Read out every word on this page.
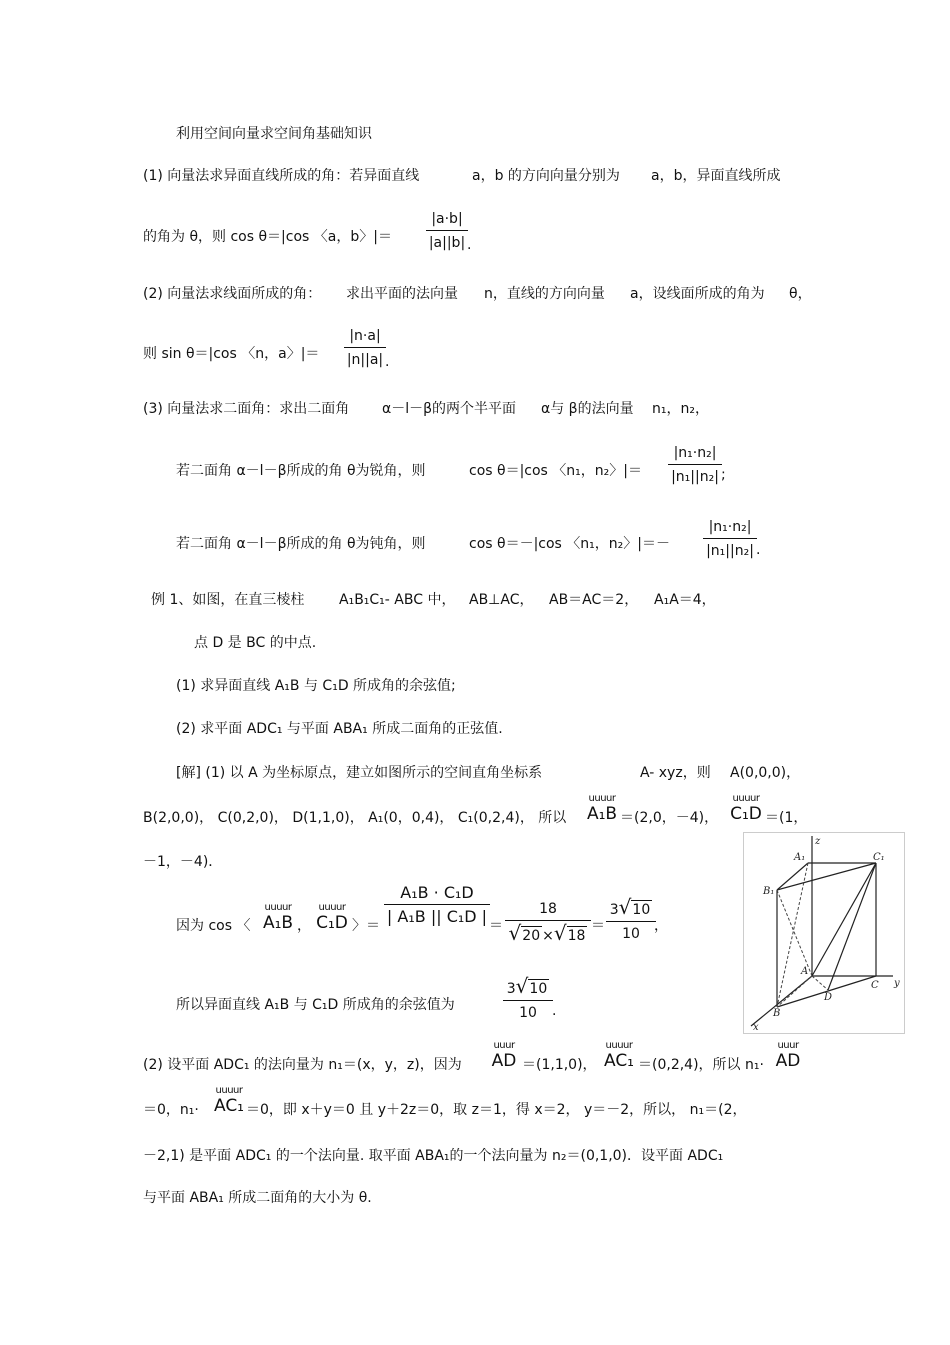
利用空间向量求空间角基础知识
(1) 向量法求异面直线所成的角：若异面直线	a，b 的方向向量分别为 a，b，异面直线所成
的角为 θ，则 cos θ＝|cos 〈a，b〉|＝
|a·b|
|a||b| .
(2) 向量法求线面所成的角： 求出平面的法向量 n，直线的方向向量 a，设线面所成的角为 θ，
则 sin θ＝|cos 〈n，a〉|＝
|n·a|
|n||a| .
(3) 向量法求二面角：求出二面角 α－l－β的两个半平面 α与 β的法向量 n₁，n₂，
若二面角 α－l－β所成的角 θ为锐角，则	cos θ＝|cos 〈n₁，n₂〉|＝
|n₁·n₂|
|n₁||n₂| ;
若二面角 α－l－β所成的角 θ为钝角，则	cos θ＝－|cos 〈n₁，n₂〉|＝－
|n₁·n₂|
|n₁||n₂| .
例 1、如图，在直三棱柱 A₁B₁C₁- ABC 中， AB⊥AC， AB＝AC＝2， A₁A＝4，
点 D 是 BC 的中点.
(1) 求异面直线 A₁B 与 C₁D 所成角的余弦值;
(2) 求平面 ADC₁ 与平面 ABA₁ 所成二面角的正弦值.
[解] (1) 以 A 为坐标原点，建立如图所示的空间直角坐标系	A- xyz，则 A(0,0,0)，
B(2,0,0)， C(0,2,0)， D(1,1,0)， A₁(0，0,4)， C₁(0,2,4)， 所以
uuuur
A₁B ＝(2,0，－4)，
uuuur
C₁D ＝(1，
－1，－4)．
因为 cos 〈
uuuur
A₁B ，
uuuur
C₁D 〉＝
A₁B · C₁D
| A₁B || C₁D | ＝
18
√20 ×√18
＝
3√10
10	，
所以异面直线 A₁B 与 C₁D 所成角的余弦值为
3√10
10	.
(2) 设平面 ADC₁ 的法向量为 n₁＝(x，y，z)，因为
uuur
AD ＝(1,1,0)，
uuuur
AC₁ ＝(0,2,4)，所以 n₁·
uuur
AD
＝0，n₁·
uuuur
AC₁ ＝0，即 x＋y＝0 且 y＋2z＝0，取 z＝1，得 x＝2， y＝－2，所以， n₁＝(2，
－2,1) 是平面 ADC₁ 的一个法向量. 取平面 ABA₁的一个法向量为 n₂＝(0,1,0)．设平面 ADC₁
与平面 ABA₁ 所成二面角的大小为 θ.
z
A₁	C₁
B₁
A
C y
D
B
x
